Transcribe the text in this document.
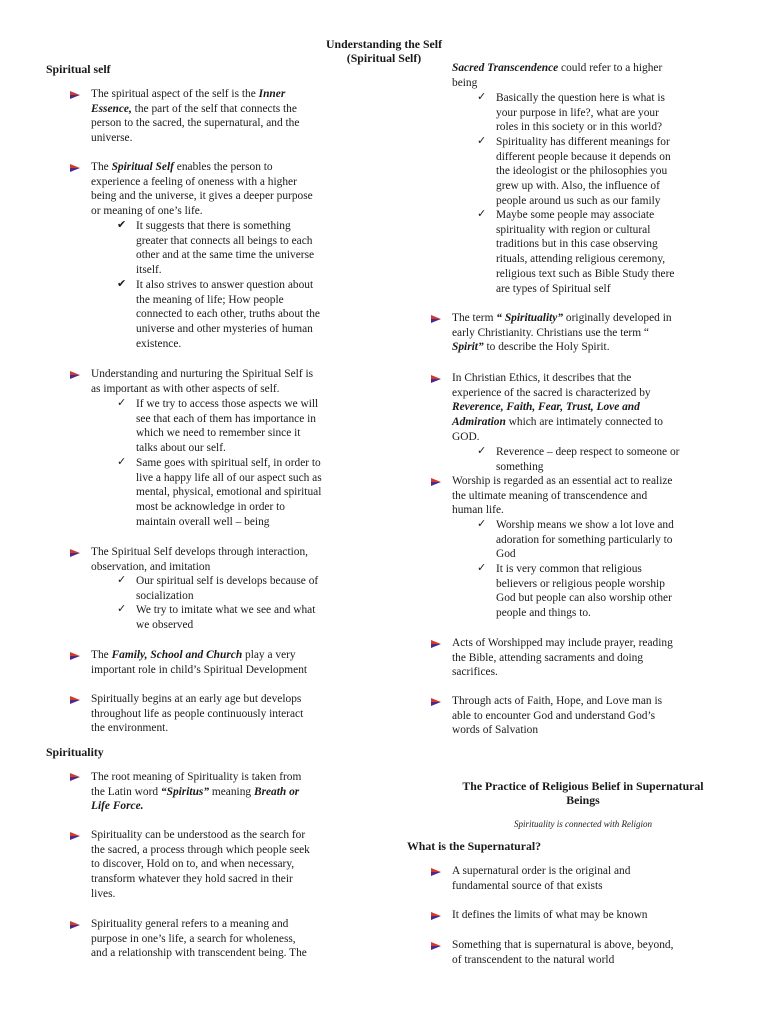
Understanding the Self
(Spiritual Self)
Spiritual self
The spiritual aspect of the self is the Inner
Essence, the part of the self that connects the
person to the sacred, the supernatural, and the
universe.
The Spiritual Self enables the person to
experience a feeling of oneness with a higher
being and the universe, it gives a deeper purpose
or meaning of one’s life.
✔ It suggests that there is something
greater that connects all beings to each
other and at the same time the universe
itself.
✔ It also strives to answer question about
the meaning of life; How people
connected to each other, truths about the
universe and other mysteries of human
existence.
Understanding and nurturing the Spiritual Self is
as important as with other aspects of self.
✓ If we try to access those aspects we will
see that each of them has importance in
which we need to remember since it
talks about our self.
✓ Same goes with spiritual self, in order to
live a happy life all of our aspect such as
mental, physical, emotional and spiritual
most be acknowledge in order to
maintain overall well – being
The Spiritual Self develops through interaction,
observation, and imitation
✓ Our spiritual self is develops because of
socialization
✓ We try to imitate what we see and what
we observed
The Family, School and Church play a very
important role in child’s Spiritual Development
Spiritually begins at an early age but develops
throughout life as people continuously interact
the environment.
Spirituality
The root meaning of Spirituality is taken from
the Latin word “Spiritus” meaning Breath or
Life Force.
Spirituality can be understood as the search for
the sacred, a process through which people seek
to discover, Hold on to, and when necessary,
transform whatever they hold sacred in their
lives.
Spirituality general refers to a meaning and
purpose in one’s life, a search for wholeness,
and a relationship with transcendent being. The
Sacred Transcendence could refer to a higher
being
✓ Basically the question here is what is
your purpose in life?, what are your
roles in this society or in this world?
✓ Spirituality has different meanings for
different people because it depends on
the ideologist or the philosophies you
grew up with. Also, the influence of
people around us such as our family
✓ Maybe some people may associate
spirituality with region or cultural
traditions but in this case observing
rituals, attending religious ceremony,
religious text such as Bible Study there
are types of Spiritual self
The term “ Spirituality” originally developed in
early Christianity. Christians use the term “
Spirit” to describe the Holy Spirit.
In Christian Ethics, it describes that the
experience of the sacred is characterized by
Reverence, Faith, Fear, Trust, Love and
Admiration which are intimately connected to
GOD.
✓ Reverence – deep respect to someone or
something
Worship is regarded as an essential act to realize
the ultimate meaning of transcendence and
human life.
✓ Worship means we show a lot love and
adoration for something particularly to
God
✓ It is very common that religious
believers or religious people worship
God but people can also worship other
people and things to.
Acts of Worshipped may include prayer, reading
the Bible, attending sacraments and doing
sacrifices.
Through acts of Faith, Hope, and Love man is
able to encounter God and understand God’s
words of Salvation
The Practice of Religious Belief in Supernatural
Beings
Spirituality is connected with Religion
What is the Supernatural?
A supernatural order is the original and
fundamental source of that exists
It defines the limits of what may be known
Something that is supernatural is above, beyond,
of transcendent to the natural world
